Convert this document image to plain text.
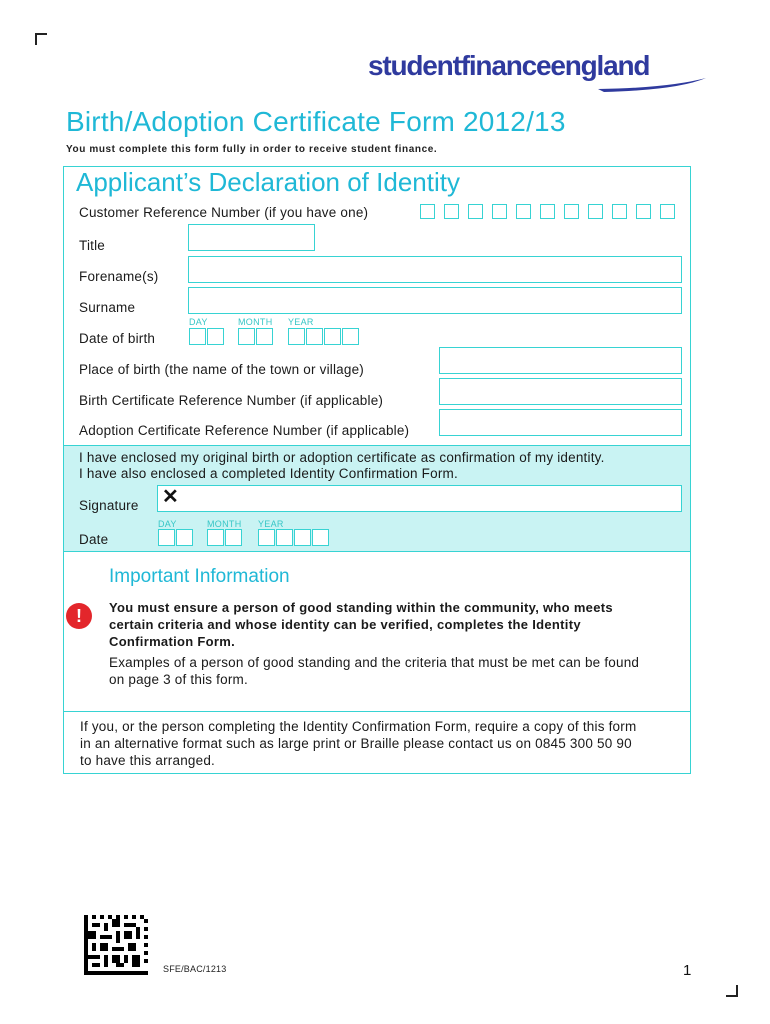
studentfinanceengland
Birth/Adoption Certificate Form 2012/13
You must complete this form fully in order to receive student finance.
Applicant’s Declaration of Identity
Customer Reference Number (if you have one)
Title
Forename(s)
Surname
DAY	MONTH YEAR
Date of birth
Place of birth (the name of the town or village)
Birth Certificate Reference Number (if applicable)
Adoption Certificate Reference Number (if applicable)
I have enclosed my original birth or adoption certificate as confirmation of my identity.
I have also enclosed a completed Identity Confirmation Form.
Signature ✕
DAY	MONTH YEAR
Date
Important Information
!	You must ensure a person of good standing within the community, who meets
certain criteria and whose identity can be verified, completes the Identity
Confirmation Form.
Examples of a person of good standing and the criteria that must be met can be found
on page 3 of this form.
If you, or the person completing the Identity Confirmation Form, require a copy of this form
in an alternative format such as large print or Braille please contact us on 0845 300 50 90
to have this arranged.
SFE/BAC/1213	1
